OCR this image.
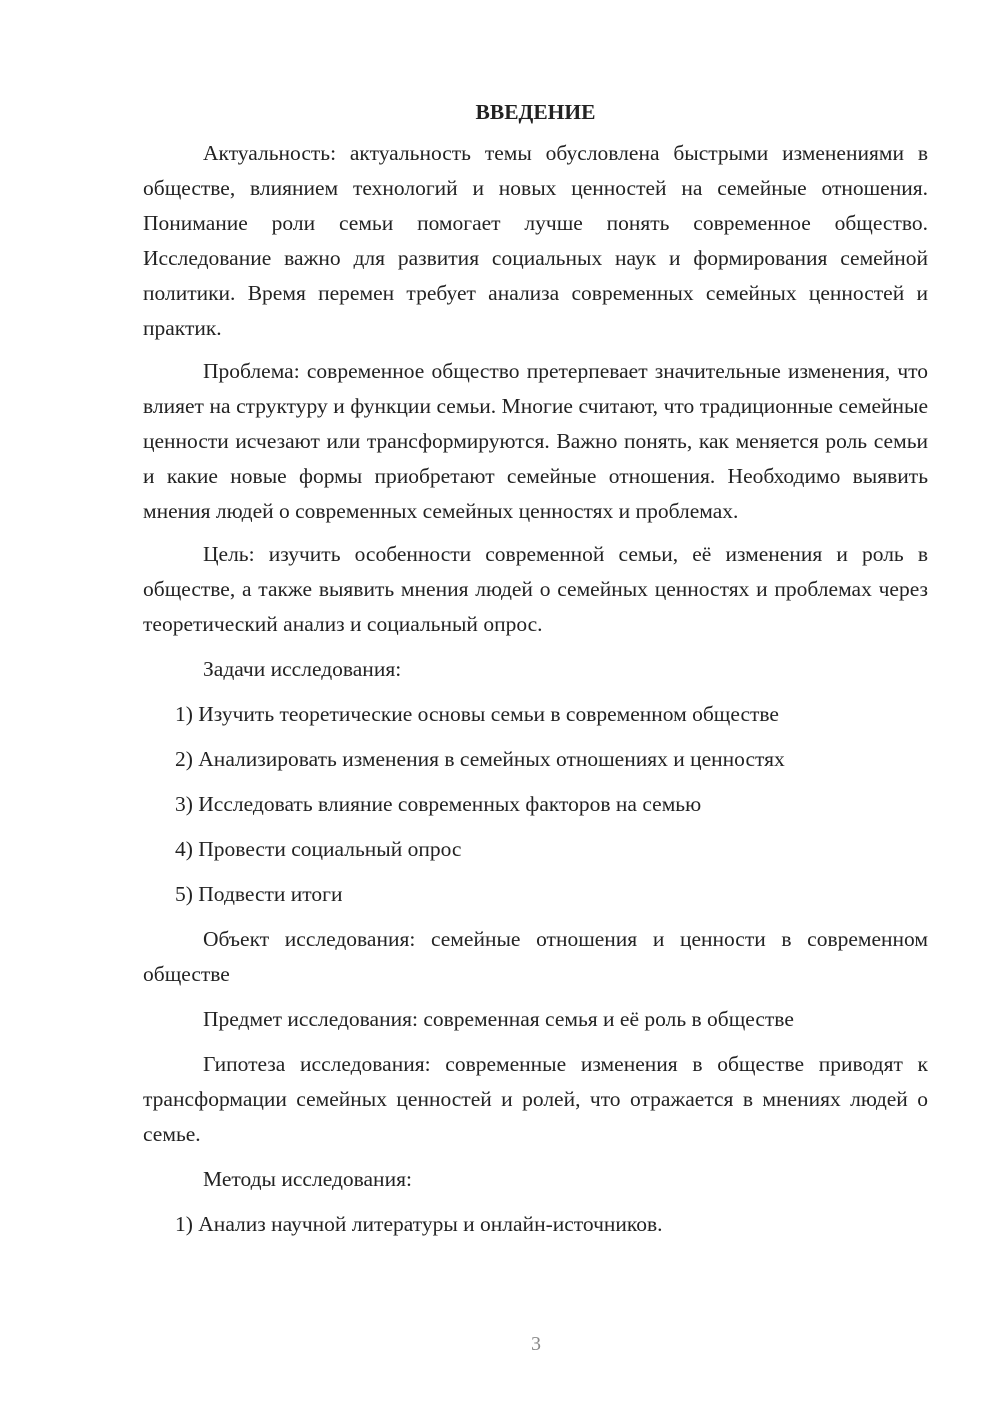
ВВЕДЕНИЕ

Актуальность: актуальность темы обусловлена быстрыми изменениями в обществе, влиянием технологий и новых ценностей на семейные отношения. Понимание роли семьи помогает лучше понять современное общество. Исследование важно для развития социальных наук и формирования семейной политики. Время перемен требует анализа современных семейных ценностей и практик.

Проблема: современное общество претерпевает значительные изменения, что влияет на структуру и функции семьи. Многие считают, что традиционные семейные ценности исчезают или трансформируются. Важно понять, как меняется роль семьи и какие новые формы приобретают семейные отношения. Необходимо выявить мнения людей о современных семейных ценностях и проблемах.

Цель: изучить особенности современной семьи, её изменения и роль в обществе, а также выявить мнения людей о семейных ценностях и проблемах через теоретический анализ и социальный опрос.

Задачи исследования:

1) Изучить теоретические основы семьи в современном обществе

2) Анализировать изменения в семейных отношениях и ценностях

3) Исследовать влияние современных факторов на семью

4) Провести социальный опрос

5) Подвести итоги

Объект исследования: семейные отношения и ценности в современном обществе

Предмет исследования: современная семья и её роль в обществе

Гипотеза исследования: современные изменения в обществе приводят к трансформации семейных ценностей и ролей, что отражается в мнениях людей о семье.

Методы исследования:

1) Анализ научной литературы и онлайн-источников.

3
